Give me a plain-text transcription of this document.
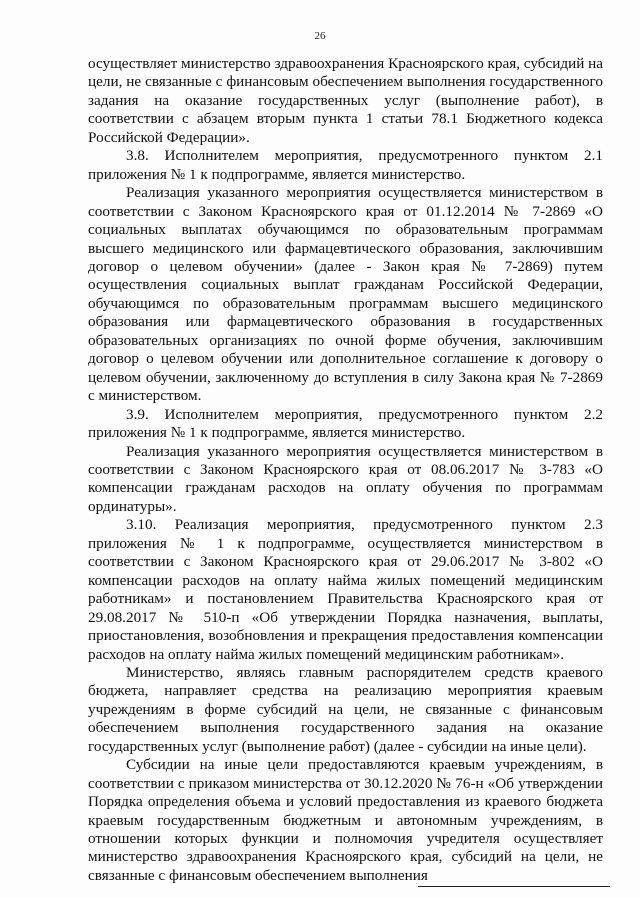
26

осуществляет министерство здравоохранения Красноярского края, субсидий на цели, не связанные с финансовым обеспечением выполнения государственного задания на оказание государственных услуг (выполнение работ), в соответствии с абзацем вторым пункта 1 статьи 78.1 Бюджетного кодекса Российской Федерации».

3.8. Исполнителем мероприятия, предусмотренного пунктом 2.1 приложения № 1 к подпрограмме, является министерство.

Реализация указанного мероприятия осуществляется министерством в соответствии с Законом Красноярского края от 01.12.2014 № 7-2869 «О социальных выплатах обучающимся по образовательным программам высшего медицинского или фармацевтического образования, заключившим договор о целевом обучении» (далее - Закон края № 7-2869) путем осуществления социальных выплат гражданам Российской Федерации, обучающимся по образовательным программам высшего медицинского образования или фармацевтического образования в государственных образовательных организациях по очной форме обучения, заключившим договор о целевом обучении или дополнительное соглашение к договору о целевом обучении, заключенному до вступления в силу Закона края № 7-2869 с министерством.

3.9. Исполнителем мероприятия, предусмотренного пунктом 2.2 приложения № 1 к подпрограмме, является министерство.

Реализация указанного мероприятия осуществляется министерством в соответствии с Законом Красноярского края от 08.06.2017 № 3-783 «О компенсации гражданам расходов на оплату обучения по программам ординатуры».

3.10. Реализация мероприятия, предусмотренного пунктом 2.3 приложения № 1 к подпрограмме, осуществляется министерством в соответствии с Законом Красноярского края от 29.06.2017 № 3-802 «О компенсации расходов на оплату найма жилых помещений медицинским работникам» и постановлением Правительства Красноярского края от 29.08.2017 № 510-п «Об утверждении Порядка назначения, выплаты, приостановления, возобновления и прекращения предоставления компенсации расходов на оплату найма жилых помещений медицинским работникам».

Министерство, являясь главным распорядителем средств краевого бюджета, направляет средства на реализацию мероприятия краевым учреждениям в форме субсидий на цели, не связанные с финансовым обеспечением выполнения государственного задания на оказание государственных услуг (выполнение работ) (далее - субсидии на иные цели).

Субсидии на иные цели предоставляются краевым учреждениям, в соответствии с приказом министерства от 30.12.2020 № 76-н «Об утверждении Порядка определения объема и условий предоставления из краевого бюджета краевым государственным бюджетным и автономным учреждениям, в отношении которых функции и полномочия учредителя осуществляет министерство здравоохранения Красноярского края, субсидий на цели, не связанные с финансовым обеспечением выполнения
